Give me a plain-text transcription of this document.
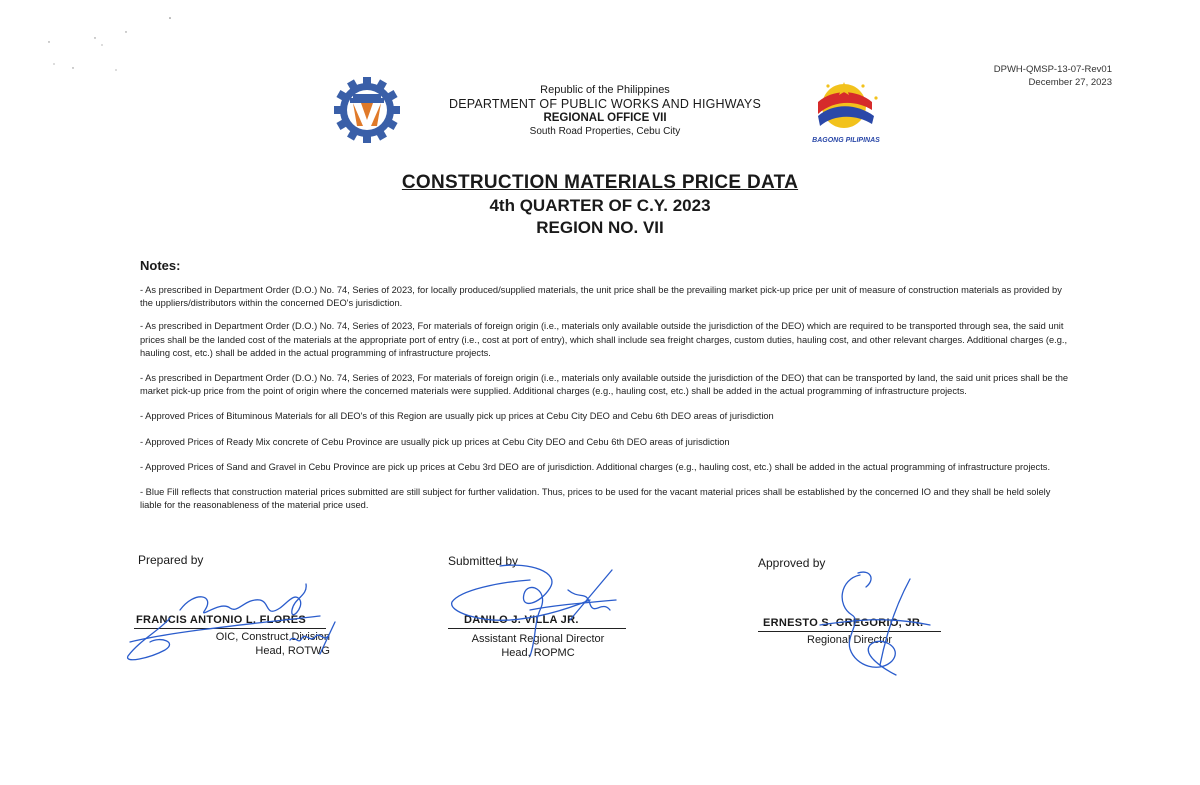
DPWH-QMSP-13-07-Rev01
December 27, 2023
Republic of the Philippines
DEPARTMENT OF PUBLIC WORKS AND HIGHWAYS
REGIONAL OFFICE VII
South Road Properties, Cebu City
BAGONG PILIPINAS
CONSTRUCTION MATERIALS PRICE DATA
4th QUARTER OF C.Y. 2023
REGION NO. VII
Notes:
- As prescribed in Department Order (D.O.) No. 74, Series of 2023, for locally produced/supplied materials, the unit price shall be the prevailing market pick-up price per unit of measure of construction materials as provided by the uppliers/distributors within the concerned DEO's jurisdiction.
- As prescribed in Department Order (D.O.) No. 74, Series of 2023, For materials of foreign origin (i.e., materials only available outside the jurisdiction of the DEO) which are required to be transported through sea, the said unit prices shall be the landed cost of the materials at the appropriate port of entry (i.e., cost at port of entry), which shall include sea freight charges, custom duties, hauling cost, and other relevant charges. Additional charges (e.g., hauling cost, etc.) shall be added in the actual programming of infrastructure projects.
- As prescribed in Department Order (D.O.) No. 74, Series of 2023, For materials of foreign origin (i.e., materials only available outside the jurisdiction of the DEO) that can be transported by land, the said unit prices shall be the market pick-up price from the point of origin where the concerned materials were supplied. Additional charges (e.g., hauling cost, etc.) shall be added in the actual programming of infrastructure projects.
- Approved Prices of Bituminous Materials for all DEO's of this Region are usually pick up prices at Cebu City DEO and Cebu 6th DEO areas of jurisdiction
- Approved Prices of Ready Mix concrete of Cebu Province are usually pick up prices at Cebu City DEO and Cebu 6th DEO areas of jurisdiction
- Approved Prices of Sand and Gravel in Cebu Province are pick up prices at Cebu 3rd DEO are of jurisdiction. Additional charges (e.g., hauling cost, etc.) shall be added in the actual programming of infrastructure projects.
- Blue Fill reflects that construction material prices submitted are still subject for further validation. Thus, prices to be used for the vacant material prices shall be established by the concerned IO and they shall be held solely liable for the reasonableness of the material price used.
Prepared by
FRANCIS ANTONIO L. FLORES
OIC, Construct Division
Head, ROTWG
Submitted by
DANILO J. VILLA JR.
Assistant Regional Director
Head, ROPMC
Approved by
ERNESTO S. GREGORIO, JR.
Regional Director
